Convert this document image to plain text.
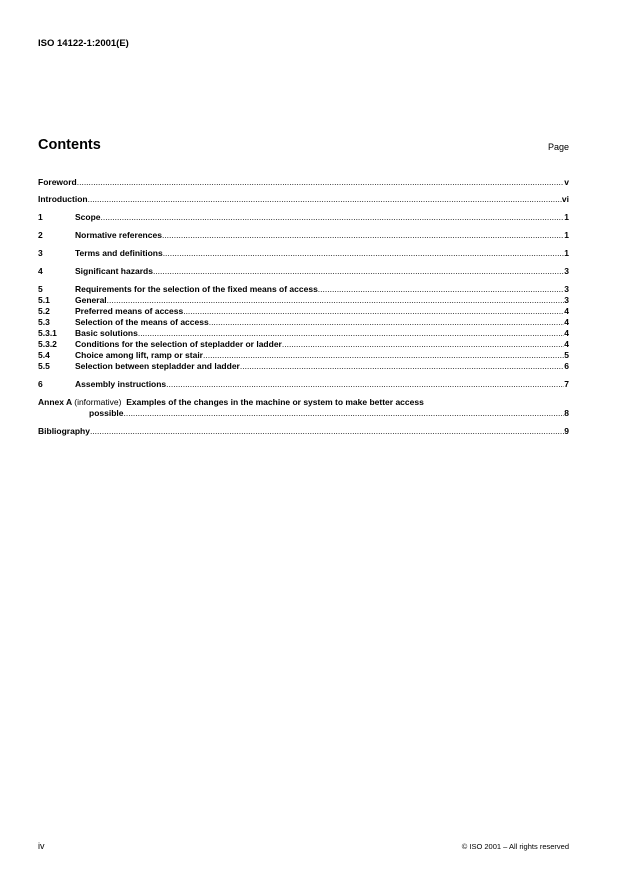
ISO 14122-1:2001(E)
Contents	Page
Foreword .....	v
Introduction .....	vi
1	Scope .....	1
2	Normative references .....	1
3	Terms and definitions .....	1
4	Significant hazards .....	3
5	Requirements for the selection of the fixed means of access .....	3
5.1	General .....	3
5.2	Preferred means of access .....	4
5.3	Selection of the means of access .....	4
5.3.1	Basic solutions .....	4
5.3.2	Conditions for the selection of stepladder or ladder .....	4
5.4	Choice among lift, ramp or stair .....	5
5.5	Selection between stepladder and ladder .....	6
6	Assembly instructions .....	7
Annex A (informative) Examples of the changes in the machine or system to make better access
possible .....	8
Bibliography .....	9
iv	© ISO 2001 – All rights reserved
